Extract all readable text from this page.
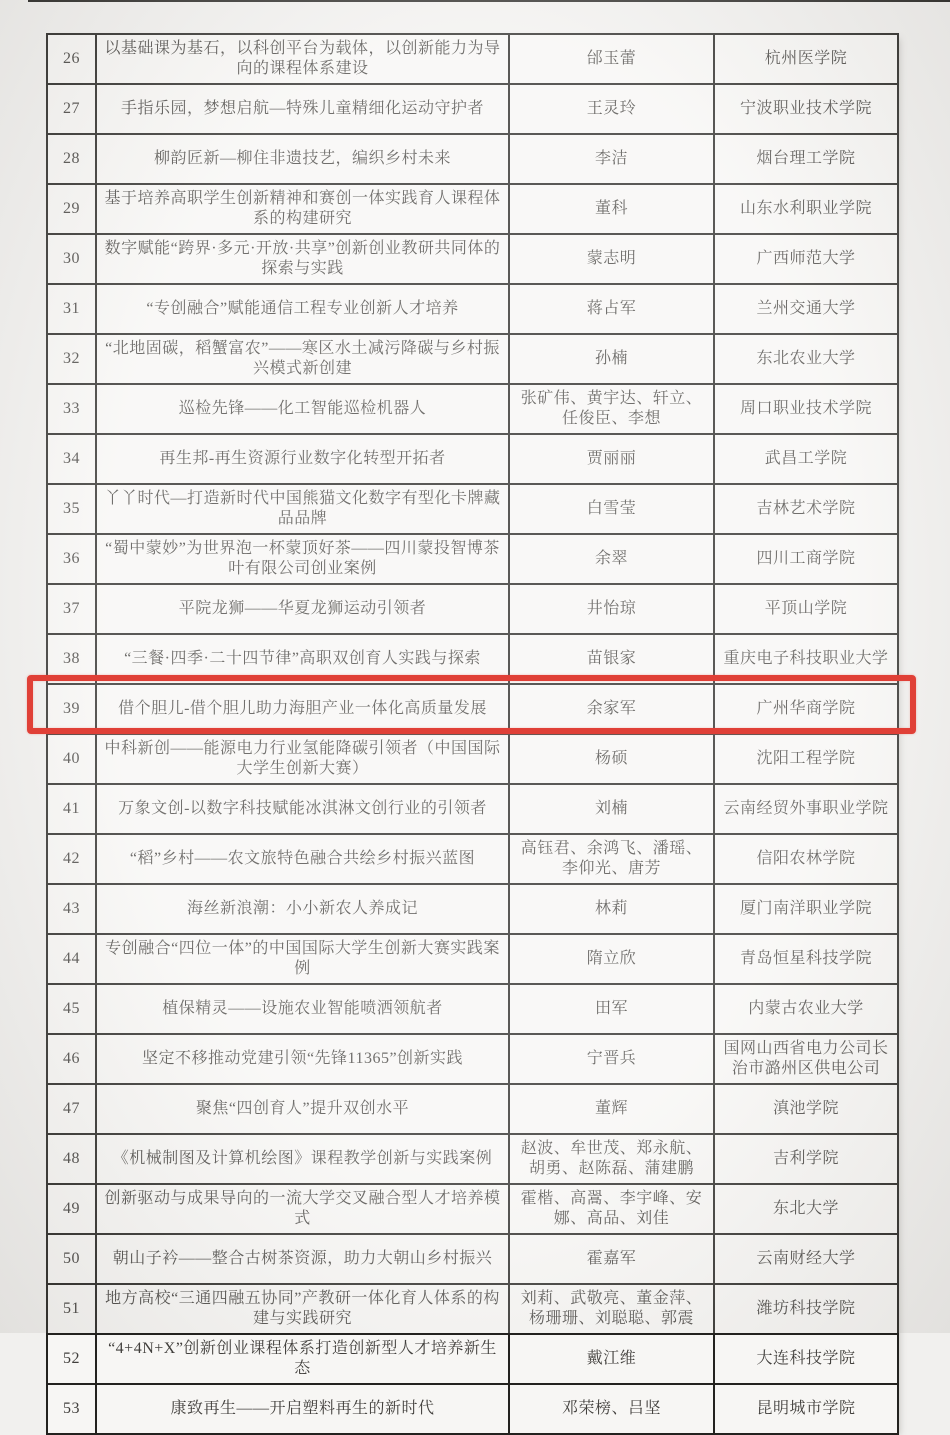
26	以基础课为基石，以科创平台为载体，以创新能力为导向的课程体系建设	邰玉蕾	杭州医学院
27	手指乐园，梦想启航—特殊儿童精细化运动守护者	王灵玲	宁波职业技术学院
28	柳韵匠新—柳住非遗技艺，编织乡村未来	李洁	烟台理工学院
29	基于培养高职学生创新精神和赛创一体实践育人课程体系的构建研究	董科	山东水利职业学院
30	数字赋能“跨界·多元·开放·共享”创新创业教研共同体的探索与实践	蒙志明	广西师范大学
31	“专创融合”赋能通信工程专业创新人才培养	蒋占军	兰州交通大学
32	“北地固碳，稻蟹富农”——寒区水土减污降碳与乡村振兴模式新创建	孙楠	东北农业大学
33	巡检先锋——化工智能巡检机器人	张矿伟、黄宇达、轩立、任俊臣、李想	周口职业技术学院
34	再生邦-再生资源行业数字化转型开拓者	贾丽丽	武昌工学院
35	丫丫时代—打造新时代中国熊猫文化数字有型化卡牌藏品品牌	白雪莹	吉林艺术学院
36	“蜀中蒙妙”为世界泡一杯蒙顶好茶——四川蒙投智博茶叶有限公司创业案例	余翠	四川工商学院
37	平院龙狮——华夏龙狮运动引领者	井怡琼	平顶山学院
38	“三餐·四季·二十四节律”高职双创育人实践与探索	苗银家	重庆电子科技职业大学
39	借个胆儿-借个胆儿助力海胆产业一体化高质量发展	余家军	广州华商学院
40	中科新创——能源电力行业氢能降碳引领者（中国国际大学生创新大赛）	杨硕	沈阳工程学院
41	万象文创-以数字科技赋能冰淇淋文创行业的引领者	刘楠	云南经贸外事职业学院
42	“稻”乡村——农文旅特色融合共绘乡村振兴蓝图	高钰君、余鸿飞、潘瑶、李仰光、唐芳	信阳农林学院
43	海丝新浪潮：小小新农人养成记	林莉	厦门南洋职业学院
44	专创融合“四位一体”的中国国际大学生创新大赛实践案例	隋立欣	青岛恒星科技学院
45	植保精灵——设施农业智能喷洒领航者	田军	内蒙古农业大学
46	坚定不移推动党建引领“先锋11365”创新实践	宁晋兵	国网山西省电力公司长治市潞州区供电公司
47	聚焦“四创育人”提升双创水平	董辉	滇池学院
48	《机械制图及计算机绘图》课程教学创新与实践案例	赵波、牟世茂、郑永航、胡勇、赵陈磊、蒲建鹏	吉利学院
49	创新驱动与成果导向的一流大学交叉融合型人才培养模式	霍楷、高翯、李宇峰、安娜、高品、刘佳	东北大学
50	朝山子衿——整合古树茶资源，助力大朝山乡村振兴	霍嘉军	云南财经大学
51	地方高校“三通四融五协同”产教研一体化育人体系的构建与实践研究	刘莉、武敬亮、董金萍、杨珊珊、刘聪聪、郭震	潍坊科技学院
52	“4+4N+X”创新创业课程体系打造创新型人才培养新生态	戴江维	大连科技学院
53	康致再生——开启塑料再生的新时代	邓荣榜、吕坚	昆明城市学院
